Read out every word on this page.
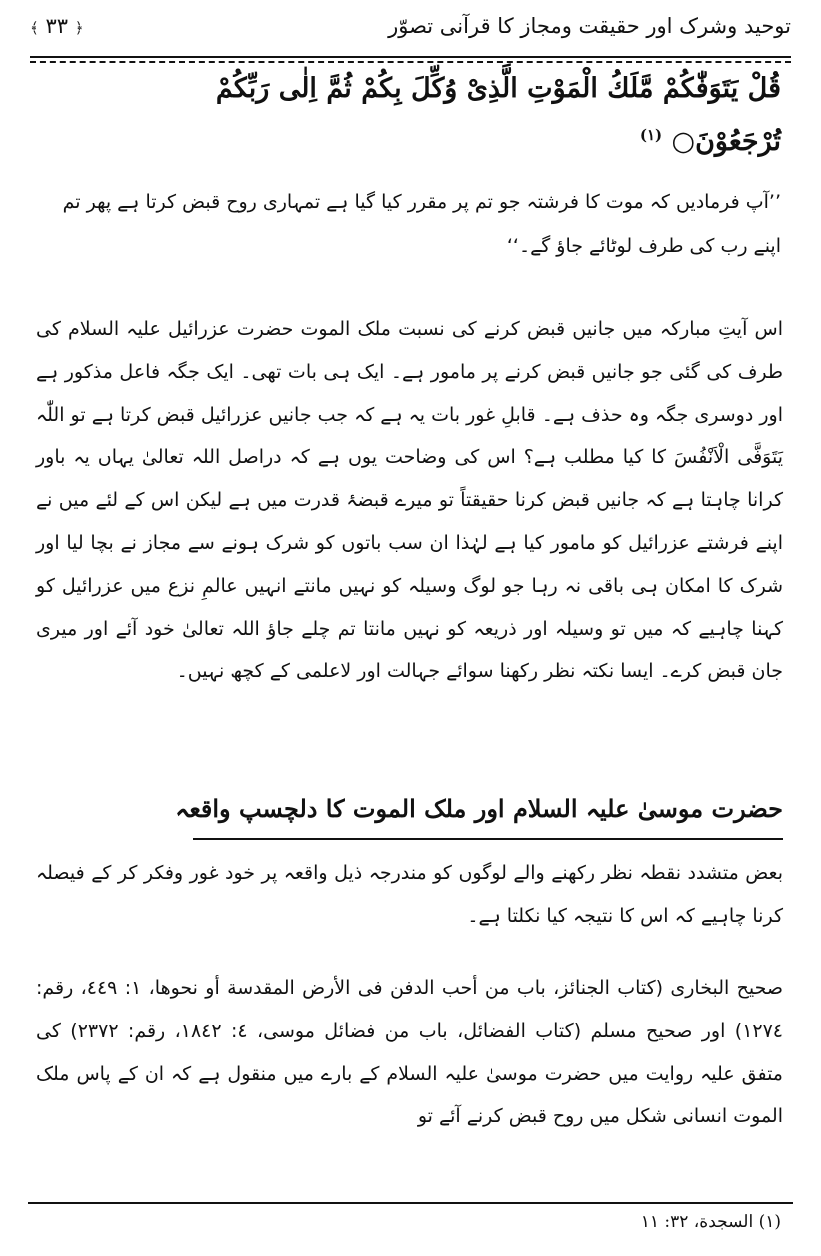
توحید وشرک اور حقیقت ومجاز کا قرآنی تصوّر
﴾ ۳۳ ﴿
قُلْ يَتَوَفّٰكُمْ مَّلَكُ الْمَوْتِ الَّذِىْ وُكِّلَ بِكُمْ ثُمَّ اِلٰى رَبِّكُمْ
تُرْجَعُوْنَ○ $^{(١)}$
’’آپ فرمادیں کہ موت کا فرشتہ جو تم پر مقرر کیا گیا ہے تمہاری روح قبض کرتا ہے پھر تم اپنے رب کی طرف لوٹائے جاؤ گے۔‘‘
اس آیتِ مبارکہ میں جانیں قبض کرنے کی نسبت ملک الموت حضرت عزرائیل علیہ السلام کی طرف کی گئی جو جانیں قبض کرنے پر مامور ہے۔ ایک ہی بات تھی۔ ایک جگہ فاعل مذکور ہے اور دوسری جگہ وہ حذف ہے۔ قابلِ غور بات یہ ہے کہ جب جانیں عزرائیل قبض کرتا ہے تو اللّٰہ يَتَوَفَّى الْاَنْفُسَ کا کیا مطلب ہے؟ اس کی وضاحت یوں ہے کہ دراصل اللہ تعالیٰ یہاں یہ باور کرانا چاہتا ہے کہ جانیں قبض کرنا حقیقتاً تو میرے قبضۂ قدرت میں ہے لیکن اس کے لئے میں نے اپنے فرشتے عزرائیل کو مامور کیا ہے لہٰذا ان سب باتوں کو شرک ہونے سے مجاز نے بچا لیا اور شرک کا امکان ہی باقی نہ رہا جو لوگ وسیلہ کو نہیں مانتے انہیں عالمِ نزع میں عزرائیل کو کہنا چاہیے کہ میں تو وسیلہ اور ذریعہ کو نہیں مانتا تم چلے جاؤ اللہ تعالیٰ خود آئے اور میری جان قبض کرے۔ ایسا نکتہ نظر رکھنا سوائے جہالت اور لاعلمی کے کچھ نہیں۔
حضرت موسیٰ علیہ السلام اور ملک الموت کا دلچسپ واقعہ
بعض متشدد نقطہ نظر رکھنے والے لوگوں کو مندرجہ ذیل واقعہ پر خود غور وفکر کر کے فیصلہ کرنا چاہیے کہ اس کا نتیجہ کیا نکلتا ہے۔
صحیح البخاری (کتاب الجنائز، باب من أحب الدفن فى الأرض المقدسة أو نحوها، ١: ٤٤٩، رقم: ١٢٧٤) اور صحیح مسلم (کتاب الفضائل، باب من فضائل موسى، ٤: ١٨٤٢، رقم: ٢٣٧٢) کی متفق علیہ روایت میں حضرت موسیٰ علیہ السلام کے بارے میں منقول ہے کہ ان کے پاس ملک الموت انسانی شکل میں روح قبض کرنے آئے تو
(١) السجدة، ٣٢: ١١
